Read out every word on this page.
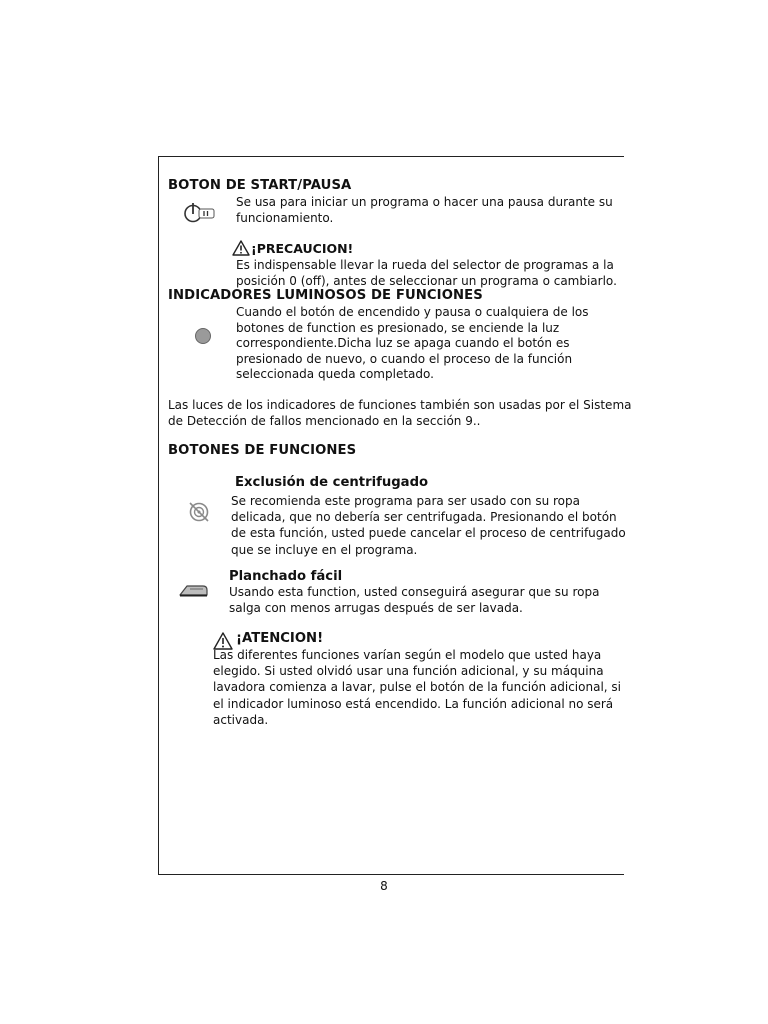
BOTON DE START/PAUSA
Se usa para iniciar un programa o hacer una pausa durante su
funcionamiento.
¡PRECAUCION!
Es indispensable llevar la rueda del selector de programas a la
posición 0 (off), antes de seleccionar un programa o cambiarlo.
INDICADORES LUMINOSOS DE FUNCIONES
Cuando el botón de encendido y pausa o cualquiera de los
botones de function es presionado, se enciende la luz
correspondiente.Dicha luz se apaga cuando el botón es
presionado de nuevo, o cuando el proceso de la función
seleccionada queda completado.
Las luces de los indicadores de funciones también son usadas por el Sistema
de Detección de fallos mencionado en la sección 9..
BOTONES DE FUNCIONES
Exclusión de centrifugado
Se recomienda este programa para ser usado con su ropa
delicada, que no debería ser centrifugada. Presionando el botón
de esta función, usted puede cancelar el proceso de centrifugado
que se incluye en el programa.
Planchado fácil
Usando esta function, usted conseguirá asegurar que su ropa
salga con menos arrugas después de ser lavada.
¡ATENCION!
Las diferentes funciones varían según el modelo que usted haya
elegido. Si usted olvidó usar una función adicional, y su máquina
lavadora comienza a lavar, pulse el botón de la función adicional, si
el indicador luminoso está encendido. La función adicional no será
activada.
8
